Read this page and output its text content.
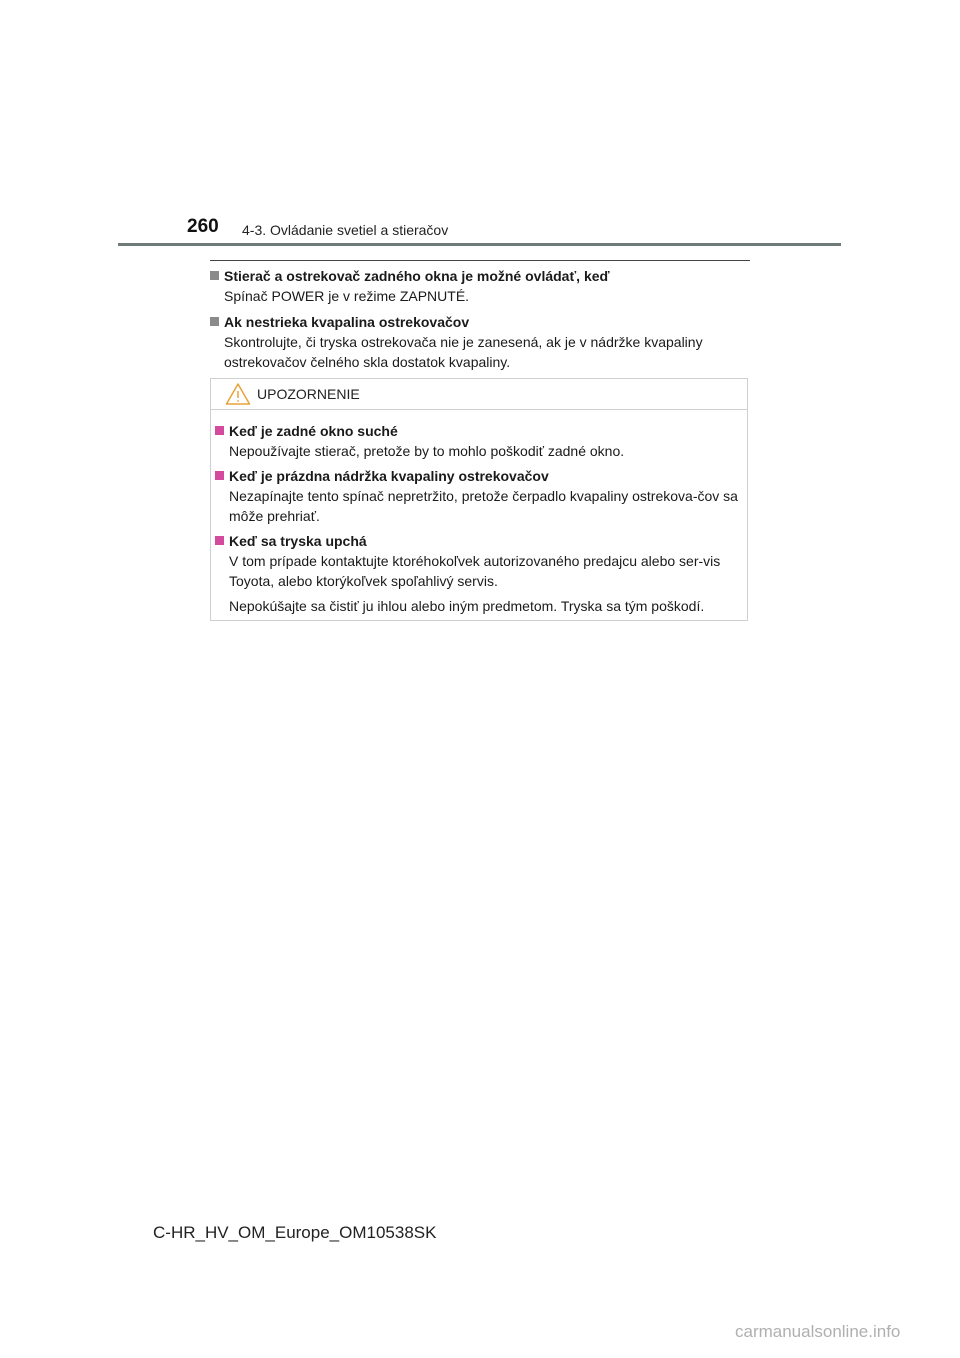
260 4-3. Ovládanie svetiel a stieračov
Stierač a ostrekovač zadného okna je možné ovládať, keď
Spínač POWER je v režime ZAPNUTÉ.
Ak nestrieka kvapalina ostrekovačov
Skontrolujte, či tryska ostrekovača nie je zanesená, ak je v nádržke kvapaliny ostrekovačov čelného skla dostatok kvapaliny.
UPOZORNENIE
Keď je zadné okno suché
Nepoužívajte stierač, pretože by to mohlo poškodiť zadné okno.
Keď je prázdna nádržka kvapaliny ostrekovačov
Nezapínajte tento spínač nepretržito, pretože čerpadlo kvapaliny ostrekova-čov sa môže prehriať.
Keď sa tryska upchá
V tom prípade kontaktujte ktoréhokoľvek autorizovaného predajcu alebo ser-vis Toyota, alebo ktorýkoľvek spoľahlivý servis.
Nepokúšajte sa čistiť ju ihlou alebo iným predmetom. Tryska sa tým poškodí.
C-HR_HV_OM_Europe_OM10538SK
carmanualsonline.info
